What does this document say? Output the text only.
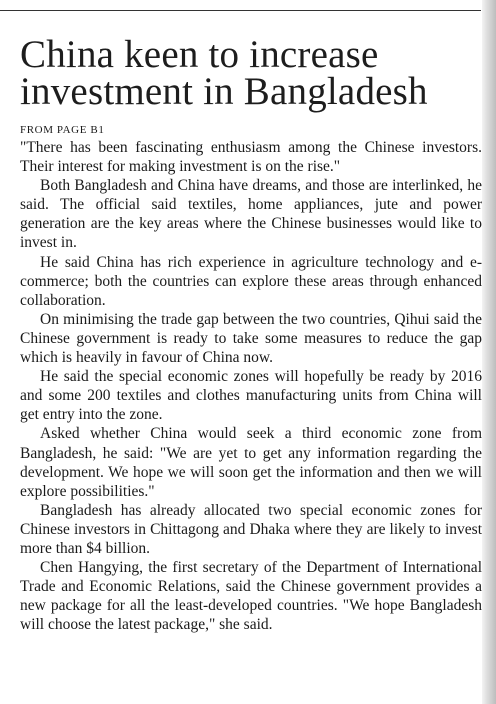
China keen to increase
investment in Bangladesh
FROM PAGE B1

"There has been fascinating enthusiasm among the Chinese investors. Their interest for making investment is on the rise."

Both Bangladesh and China have dreams, and those are interlinked, he said. The official said textiles, home appliances, jute and power generation are the key areas where the Chinese businesses would like to invest in.

He said China has rich experience in agriculture technology and e-commerce; both the countries can explore these areas through enhanced collaboration.

On minimising the trade gap between the two countries, Qihui said the Chinese government is ready to take some measures to reduce the gap which is heavily in favour of China now.

He said the special economic zones will hopefully be ready by 2016 and some 200 textiles and clothes manufacturing units from China will get entry into the zone.

Asked whether China would seek a third economic zone from Bangladesh, he said: "We are yet to get any information regarding the development. We hope we will soon get the information and then we will explore possibilities."

Bangladesh has already allocated two special economic zones for Chinese investors in Chittagong and Dhaka where they are likely to invest more than $4 billion.

Chen Hangying, the first secretary of the Department of International Trade and Economic Relations, said the Chinese government provides a new package for all the least-developed countries. "We hope Bangladesh will choose the latest package," she said.
